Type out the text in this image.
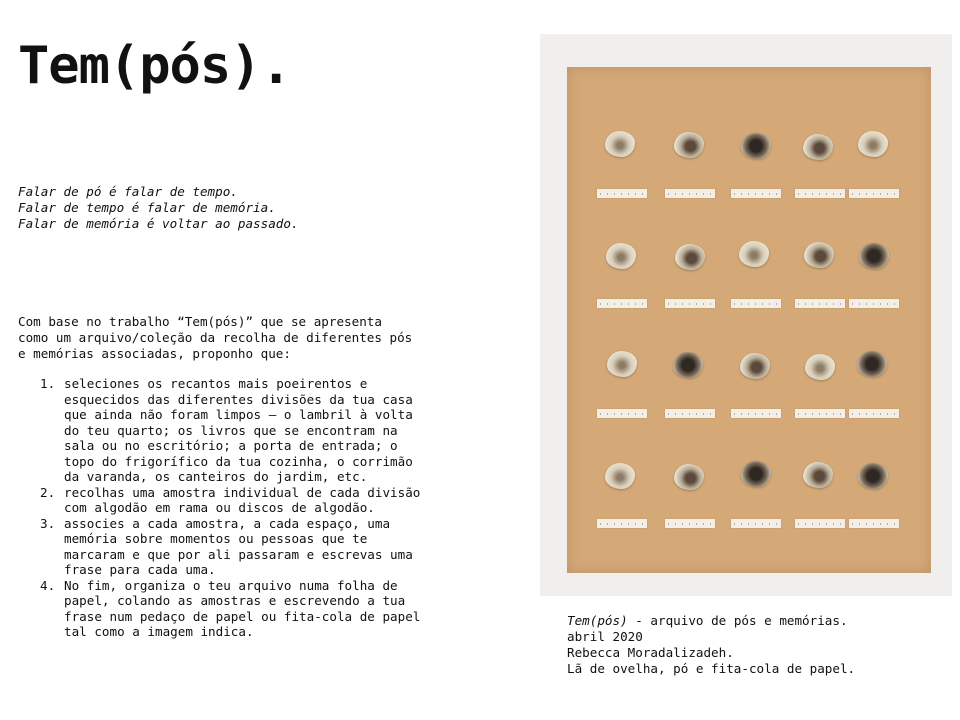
Tem(pós).
Falar de pó é falar de tempo.
Falar de tempo é falar de memória.
Falar de memória é voltar ao passado.
Com base no trabalho “Tem(pós)” que se apresenta como um arquivo/coleção da recolha de diferentes pós e memórias associadas, proponho que:
1. seleciones os recantos mais poeirentos e esquecidos das diferentes divisões da tua casa que ainda não foram limpos – o lambril à volta do teu quarto; os livros que se encontram na sala ou no escritório; a porta de entrada; o topo do frigorífico da tua cozinha, o corrimão da varanda, os canteiros do jardim, etc.
2. recolhas uma amostra individual de cada divisão com algodão em rama ou discos de algodão.
3. associes a cada amostra, a cada espaço, uma memória sobre momentos ou pessoas que te marcaram e que por ali passaram e escrevas uma frase para cada uma.
4. No fim, organiza o teu arquivo numa folha de papel, colando as amostras e escrevendo a tua frase num pedaço de papel ou fita-cola de papel tal como a imagem indica.
Tem(pós) - arquivo de pós e memórias.
abril 2020
Rebecca Moradalizadeh.
Lã de ovelha, pó e fita-cola de papel.
